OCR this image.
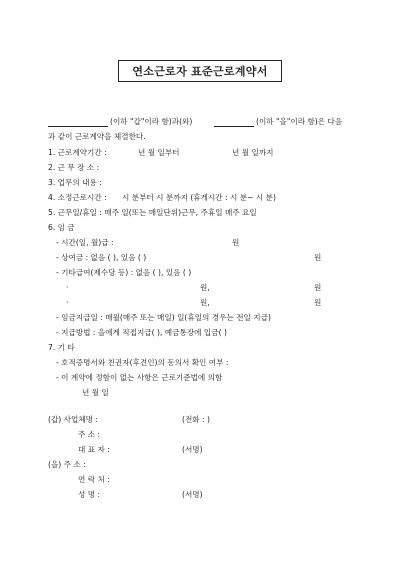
연소근로자 표준근로계약서
(이하 "갑"이라 함)과(와)	(이하 "을"이라 함)은 다음
과 같이 근로계약을 체결한다.
1. 근로계약기간 :	년 월 일부터	년 월 일까지
2. 근 무 장 소 :
3. 업무의 내용 :
4. 소정근로시간 : 시 분부터 시 분까지 (휴게시간 : 시 분~ 시 분)
5. 근무일/휴일 : 매주 일(또는 매일단위)근무, 주휴일 매주 요일
6. 임 금
- 시간(일, 월)급 :	원
- 상여금 : 없음 ( ), 있음 ( )	원
- 기타급여(제수당 등) : 없음 ( ), 있음 ( )
·	원,	원
·	원,	원
- 임금지급일 : 매월(매주 또는 매일) 일(휴일의 경우는 전일 지급)
- 지급방법 : 을에게 직접지급( ), 예금통장에 입금( )
7. 기 타
- 호적증명서와 친권자(후견인)의 동의서 확인 여부 :
- 이 계약에 정함이 없는 사항은 근로기준법에 의함
년 월 일
(갑) 사업체명 :	(전화 : )
주 소 :
대 표 자 :	(서명)
(을) 주 소 :
연 락 처 :
성 명 :	(서명)
